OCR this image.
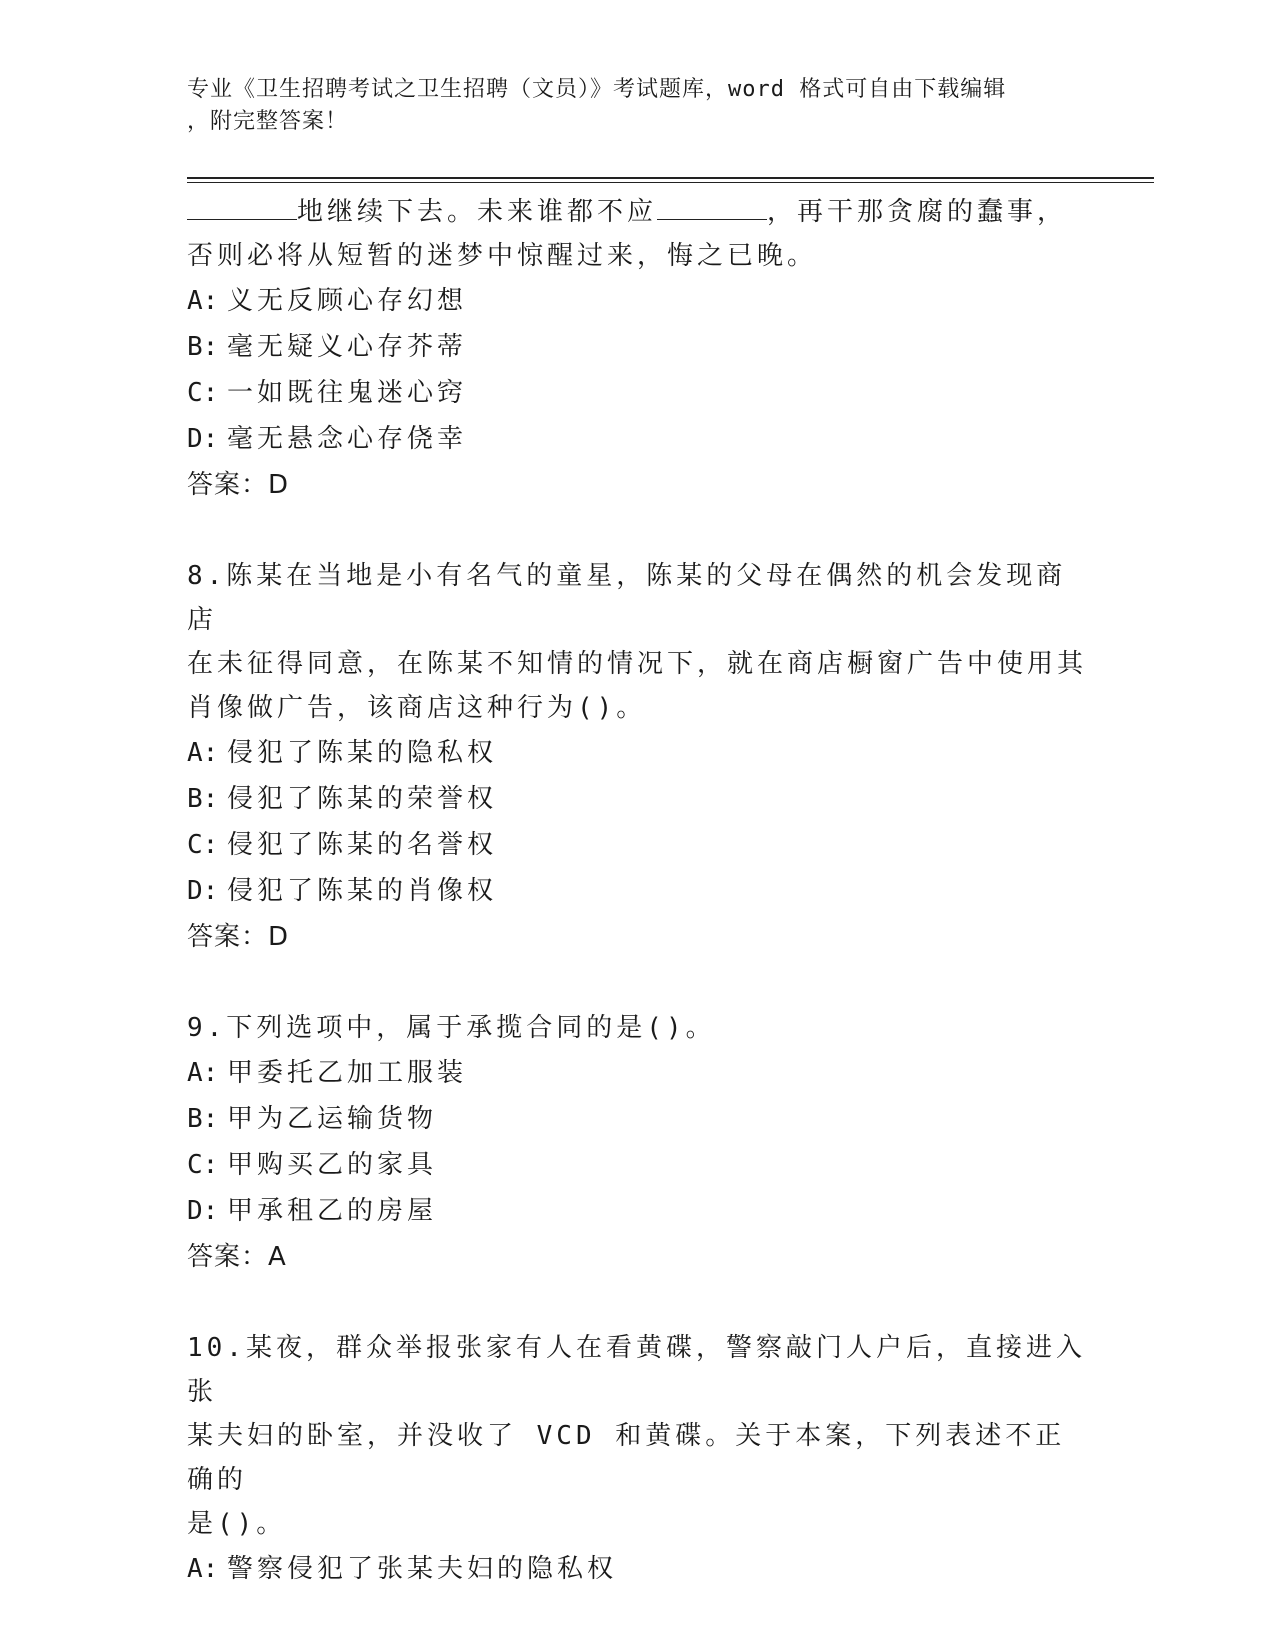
专业《卫生招聘考试之卫生招聘（文员）》考试题库，word 格式可自由下载编辑
，附完整答案！

地继续下去。未来谁都不应	，再干那贪腐的蠢事，

否则必将从短暂的迷梦中惊醒过来，悔之已晚。

A: 义无反顾心存幻想

B: 毫无疑义心存芥蒂

C: 一如既往鬼迷心窍

D: 毫无悬念心存侥幸

答案：D

8.陈某在当地是小有名气的童星，陈某的父母在偶然的机会发现商店

在未征得同意，在陈某不知情的情况下，就在商店橱窗广告中使用其

肖像做广告，该商店这种行为()。

A: 侵犯了陈某的隐私权

B: 侵犯了陈某的荣誉权

C: 侵犯了陈某的名誉权

D: 侵犯了陈某的肖像权

答案：D

9.下列选项中，属于承揽合同的是()。

A: 甲委托乙加工服装

B: 甲为乙运输货物

C: 甲购买乙的家具

D: 甲承租乙的房屋

答案：A

10.某夜，群众举报张家有人在看黄碟，警察敲门人户后，直接进入张

某夫妇的卧室，并没收了 VCD 和黄碟。关于本案，下列表述不正确的

是()。

A: 警察侵犯了张某夫妇的隐私权
